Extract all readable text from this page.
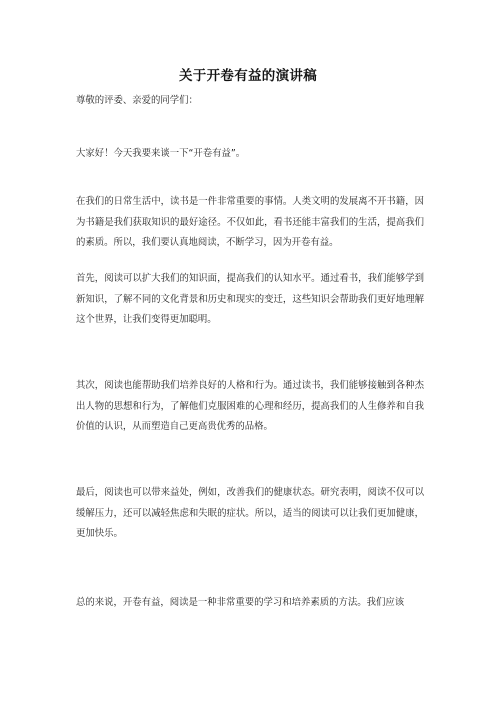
关于开卷有益的演讲稿
尊敬的评委、亲爱的同学们：
大家好！今天我要来谈一下“开卷有益”。
在我们的日常生活中，读书是一件非常重要的事情。人类文明的发展离不开书籍，因为书籍是我们获取知识的最好途径。不仅如此，看书还能丰富我们的生活，提高我们的素质。所以，我们要认真地阅读，不断学习，因为开卷有益。
首先，阅读可以扩大我们的知识面，提高我们的认知水平。通过看书，我们能够学到新知识，了解不同的文化背景和历史和现实的变迁，这些知识会帮助我们更好地理解这个世界，让我们变得更加聪明。
其次，阅读也能帮助我们培养良好的人格和行为。通过读书，我们能够接触到各种杰出人物的思想和行为，了解他们克服困难的心理和经历，提高我们的人生修养和自我价值的认识，从而塑造自己更高贵优秀的品格。
最后，阅读也可以带来益处，例如，改善我们的健康状态。研究表明，阅读不仅可以缓解压力，还可以减轻焦虑和失眠的症状。所以，适当的阅读可以让我们更加健康，更加快乐。
总的来说，开卷有益，阅读是一种非常重要的学习和培养素质的方法。我们应该
